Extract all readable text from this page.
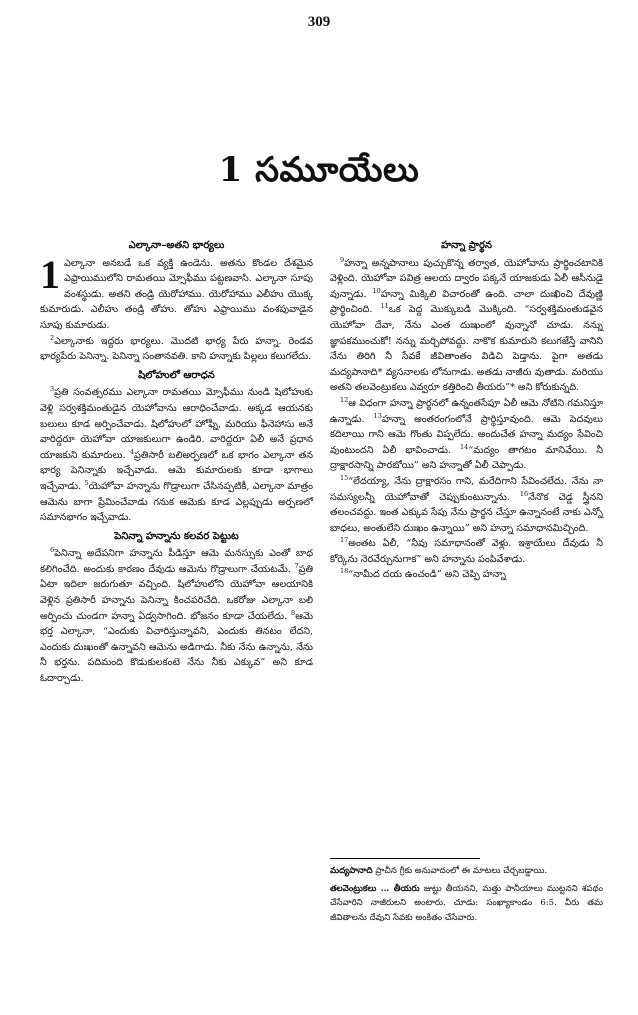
309
1 సమూయేలు
ఎల్కానా–అతని భార్యలు

1 ఎల్కానా అనబడే ఒక వ్యక్తి ఉండెను. అతను కొండల దేశమైన ఎఫ్రాయిములోని రామతయి మ్సోఫీము పట్టణవాసి. ఎల్కానా సూపు వంశస్థుడు. అతని తండ్రి యెరోహాము. యెరోహాము ఎలీహు యొక్క కుమారుడు. ఎలీహు తండ్రి తోహు. తోహు ఎఫ్రాయిము వంశపువాడైన సూపు కుమారుడు.

$^2$ఎల్కానాకు ఇద్దరు భార్యలు. మొదటి భార్య పేరు హన్నా. రెండవ భార్యపేరు పెనిన్నా. పెనిన్నా సంతానవతి. కాని హన్నాకు పిల్లలు కలుగలేదు.

షిలోహులో ఆరాధన

$^3$ప్రతి సంవత్సరము ఎల్కానా రామతయి మ్సోఫీము నుండి షిలోహుకు వెళ్లి సర్వశక్తిమంతుడైన యెహోవాను ఆరాధించేవాడు. అక్కడ ఆయనకు బలులు కూడ అర్పించేవాడు. షిలోహులో హోఫ్నీ, మరియు ఫీనెహాసు అనే వారిద్దరూ యెహోవా యాజకులుగా ఉండిరి. వారిద్దరూ ఏలీ అనే ప్రధాన యాజకుని కుమారులు. $^4$ప్రతిసారీ బలిఅర్పణలో ఒక భాగం ఎల్కానా తన భార్య పెనిన్నాకు ఇచ్చేవాడు. ఆమె కుమారులకు కూడా భాగాలు ఇచ్చేవాడు. $^5$యెహోవా హన్నాను గొడ్రాలుగా చేసినప్పటికీ, ఎల్కానా మాత్రం ఆమెను బాగా ప్రేమించేవాడు గనుక ఆమెకు కూడ ఎల్లప్పుడు అర్పణలో సమానభాగం ఇచ్చేవాడు.

పెనిన్నా హన్నాను కలవర పెట్టుట

$^6$పెనిన్నా అదేపనిగా హన్నాను పీడిస్తూ ఆమె మనస్సుకు ఎంతో బాధ కలిగించేది. అందుకు కారణం దేవుడు ఆమెను గొడ్రాలుగా చేయటమే. $^7$ప్రతి ఏటా ఇదిలా జరుగుతూ వచ్చింది. షిలోహులోని యెహోవా ఆలయానికి వెళ్లిన ప్రతిసారీ హన్నాను పెనిన్నా కించపరిచేది. ఒకరోజు ఎల్కానా బలి అర్పించు చుండగా హన్నా ఏడ్వసాగింది. భోజనం కూడా చేయలేదు. $^8$ఆమె భర్త ఎల్కానా, “ఎందుకు విచారిస్తున్నావని, ఎందుకు తినటం లేదని, ఎందుకు దుఃఖంతో ఉన్నావని ఆమెను అడిగాడు. నీకు నేను ఉన్నాను, నేను నీ భర్తను. పదిమంది కొడుకులకంటె నేను నీకు ఎక్కువ” అని కూడ ఓదార్చాడు.

హన్నా ప్రార్థన

$^9$హన్నా అన్నపానాలు పుచ్చుకొన్న తర్వాత, యెహోవాను ప్రార్థించటానికి వెళ్లింది. యెహోవా పవిత్ర ఆలయ ద్వారం పక్కనే యాజకుడు ఏలీ ఆసీనుడై వున్నాడు. $^{10}$హన్నా మిక్కిలి విచారంతో ఉంది. చాలా దుఃఖించి దేవుణ్ణి ప్రార్థించింది. $^{11}$ఒక పెద్ద మొక్కుబడి మొక్కింది. “సర్వశక్తిమంతుడవైన యెహోవా దేవా, నేను ఎంత దుఃఖంలో వున్నానో చూడు. నన్ను జ్ఞాపకముంచుకో! నన్ను మర్చిపోవద్దు. నాకొక కుమారుని కలుగజేస్తే వానిని నేను తిరిగి నీ సేవకే జీవితాంతం విడిచి పెడ్తాను. పైగా అతడు మద్యపానాది* వ్యసనాలకు లోనుగాడు. అతడు నాజీరు వుతాడు. మరియు అతని తలవెంట్రుకలు ఎవ్వరూ కత్తిరించి తీయరు”* అని కోరుకున్నది.

$^{12}$ఆ విధంగా హన్నా ప్రార్థనలో ఉన్నంతసేపూ ఏలీ ఆమె నోటిని గమనిస్తూ ఉన్నాడు. $^{13}$హన్నా అంతరంగంలోనే ప్రార్థిస్తూవుంది. ఆమె పెదవులు కదిలాయి గాని ఆమె గొంతు విప్పలేదు. అందుచేత హన్నా మద్యం సేవించి వుంటుందని ఏలీ భావించాడు. $^{14}$“మద్యం తాగటం మానివేయి. నీ ద్రాక్షారసాన్ని పారబోయి” అని హన్నాతో ఏలీ చెప్పాడు.

$^{15}$“లేదయ్యా, నేను ద్రాక్షారసం గాని, మరేదిగాని సేవించలేదు. నేను నా సమస్యలన్నీ యెహోవాతో చెప్పుకుంటున్నాను. $^{16}$నేనొక చెడ్డ స్త్రీనని తలంచవద్దు. ఇంత ఎక్కువ సేపు నేను ప్రార్థన చేస్తూ ఉన్నానంటే నాకు ఎన్నో బాధలు, అంతులేని దుఃఖం ఉన్నాయి” అని హన్నా సమాధానమిచ్చింది.

$^{17}$అంతట ఏలీ, “నీవు సమాధానంతో వెళ్లు. ఇశ్రాయేలు దేవుడు నీ కోర్కెను నెరవేర్చునుగాక” అని హన్నాను పంపివేశాడు.

$^{18}$“నామీద దయ ఉంచండి” అని చెప్పి హన్నా

మద్యపానాది ప్రాచీన గ్రీకు అనువాదంలో ఈ మాటలు చేర్చబడ్డాయి.

తలవెంట్రుకలు … తీయరు జుట్టు తీయనని, మత్తు పానీయాలు ముట్టనని శపథం చేసేవారిని నాజీరులని అంటారు. చూడు: సంఖ్యాకాండం 6:5. వీరు తమ జీవితాలను దేవుని సేవకు అంకితం చేసేవారు.
